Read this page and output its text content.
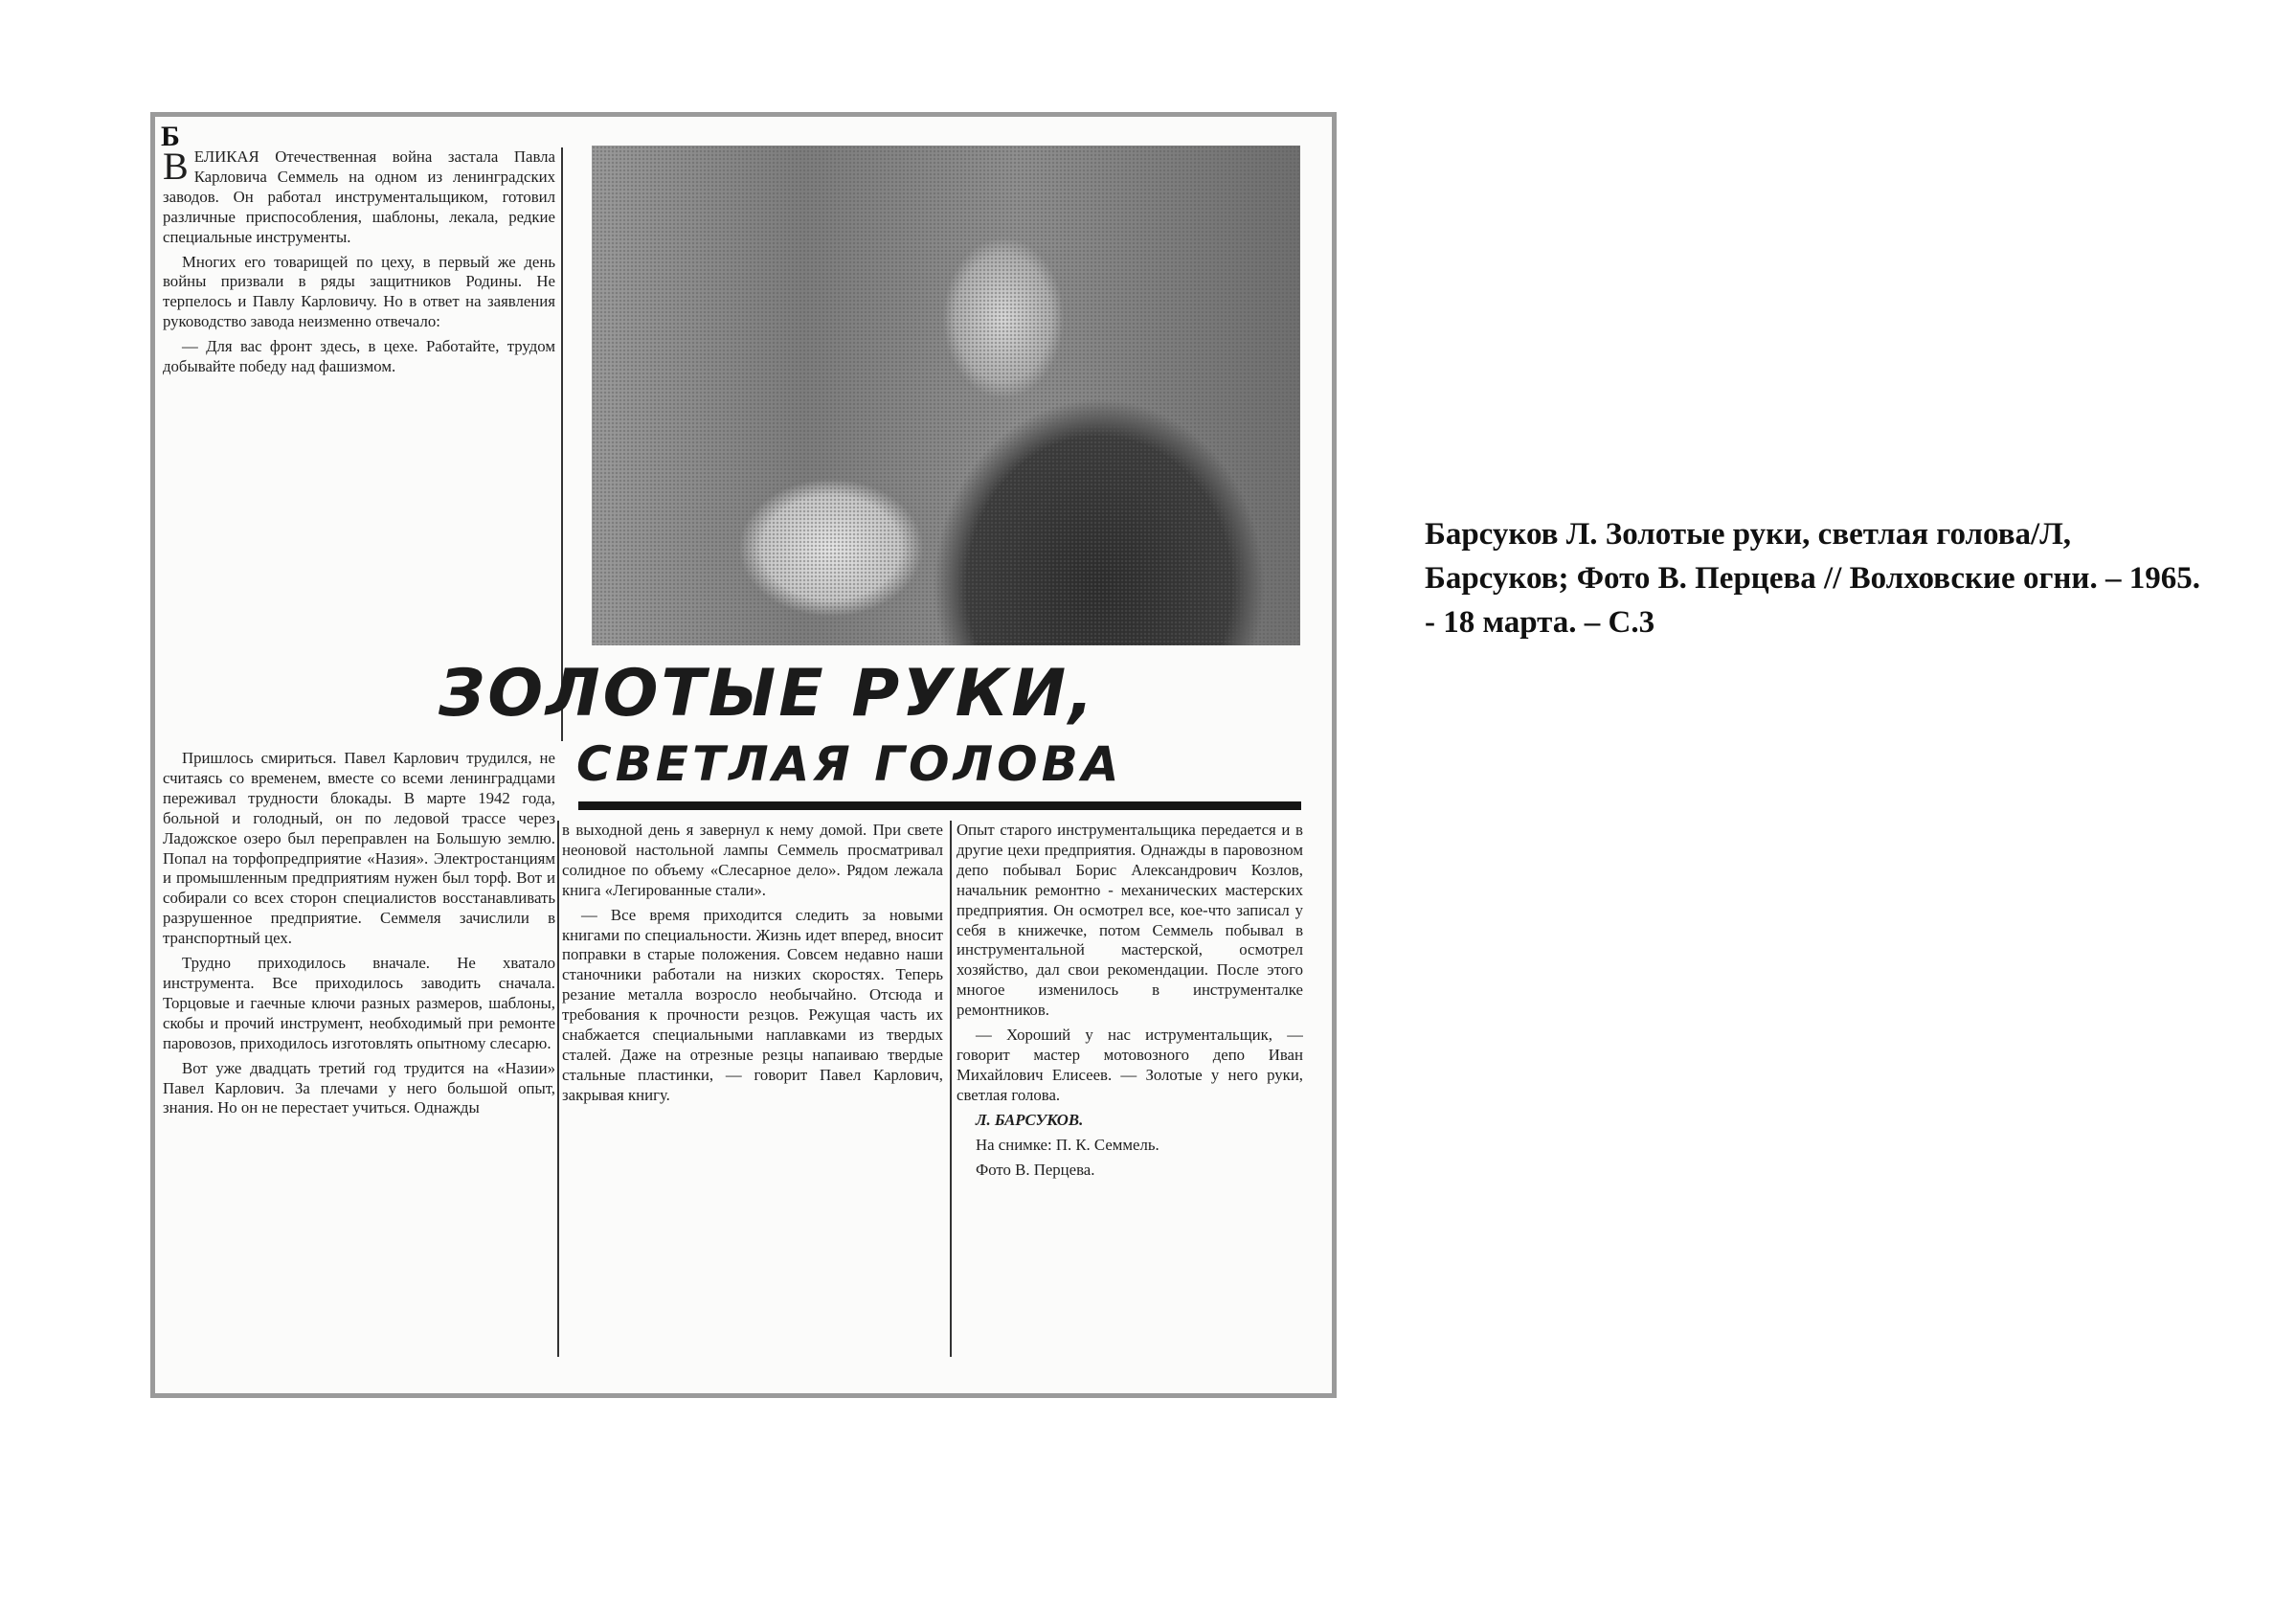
Б

ВЕЛИКАЯ Отечественная война застала Павла Карловича Семмель на одном из ленинградских заводов. Он работал инструментальщиком, готовил различные приспособления, шаблоны, лекала, редкие специальные инструменты.

Многих его товарищей по цеху, в первый же день войны призвали в ряды защитников Родины. Не терпелось и Павлу Карловичу. Но в ответ на заявления руководство завода неизменно отвечало:

— Для вас фронт здесь, в цехе. Работайте, трудом добывайте победу над фашизмом.

Пришлось смириться. Павел Карлович трудился, не считаясь со временем, вместе со всеми ленинградцами переживал трудности блокады. В марте 1942 года, больной и голодный, он по ледовой трассе через Ладожское озеро был переправлен на Большую землю. Попал на торфопредприятие «Назия». Электростанциям и промышленным предприятиям нужен был торф. Вот и собирали со всех сторон специалистов восстанавливать разрушенное предприятие. Семмеля зачислили в транспортный цех.

Трудно приходилось вначале. Не хватало инструмента. Все приходилось заводить сначала. Торцовые и гаечные ключи разных размеров, шаблоны, скобы и прочий инструмент, необходимый при ремонте паровозов, приходилось изготовлять опытному слесарю.

Вот уже двадцать третий год трудится на «Назии» Павел Карлович. За плечами у него большой опыт, знания. Но он не перестает учиться. Однажды

ЗОЛОТЫЕ РУКИ,
СВЕТЛАЯ ГОЛОВА

в выходной день я завернул к нему домой. При свете неоновой настольной лампы Семмель просматривал солидное по объему «Слесарное дело». Рядом лежала книга «Легированные стали».

— Все время приходится следить за новыми книгами по специальности. Жизнь идет вперед, вносит поправки в старые положения. Совсем недавно наши станочники работали на низких скоростях. Теперь резание металла возросло необычайно. Отсюда и требования к прочности резцов. Режущая часть их снабжается специальными наплавками из твердых сталей. Даже на отрезные резцы напаиваю твердые стальные пластинки, — говорит Павел Карлович, закрывая книгу.

Опыт старого инструментальщика передается и в другие цехи предприятия. Однажды в паровозном депо побывал Борис Александрович Козлов, начальник ремонтно - механических мастерских предприятия. Он осмотрел все, кое-что записал у себя в книжечке, потом Семмель побывал в инструментальной мастерской, осмотрел хозяйство, дал свои рекомендации. После этого многое изменилось в инструменталке ремонтников.

— Хороший у нас иструментальщик, — говорит мастер мотовозного депо Иван Михайлович Елисеев. — Золотые у него руки, светлая голова.

Л. БАРСУКОВ.

На снимке: П. К. Семмель.

Фото В. Перцева.

Барсуков Л. Золотые руки, светлая голова/Л, Барсуков; Фото В. Перцева // Волховские огни. – 1965. - 18 марта. – С.3
